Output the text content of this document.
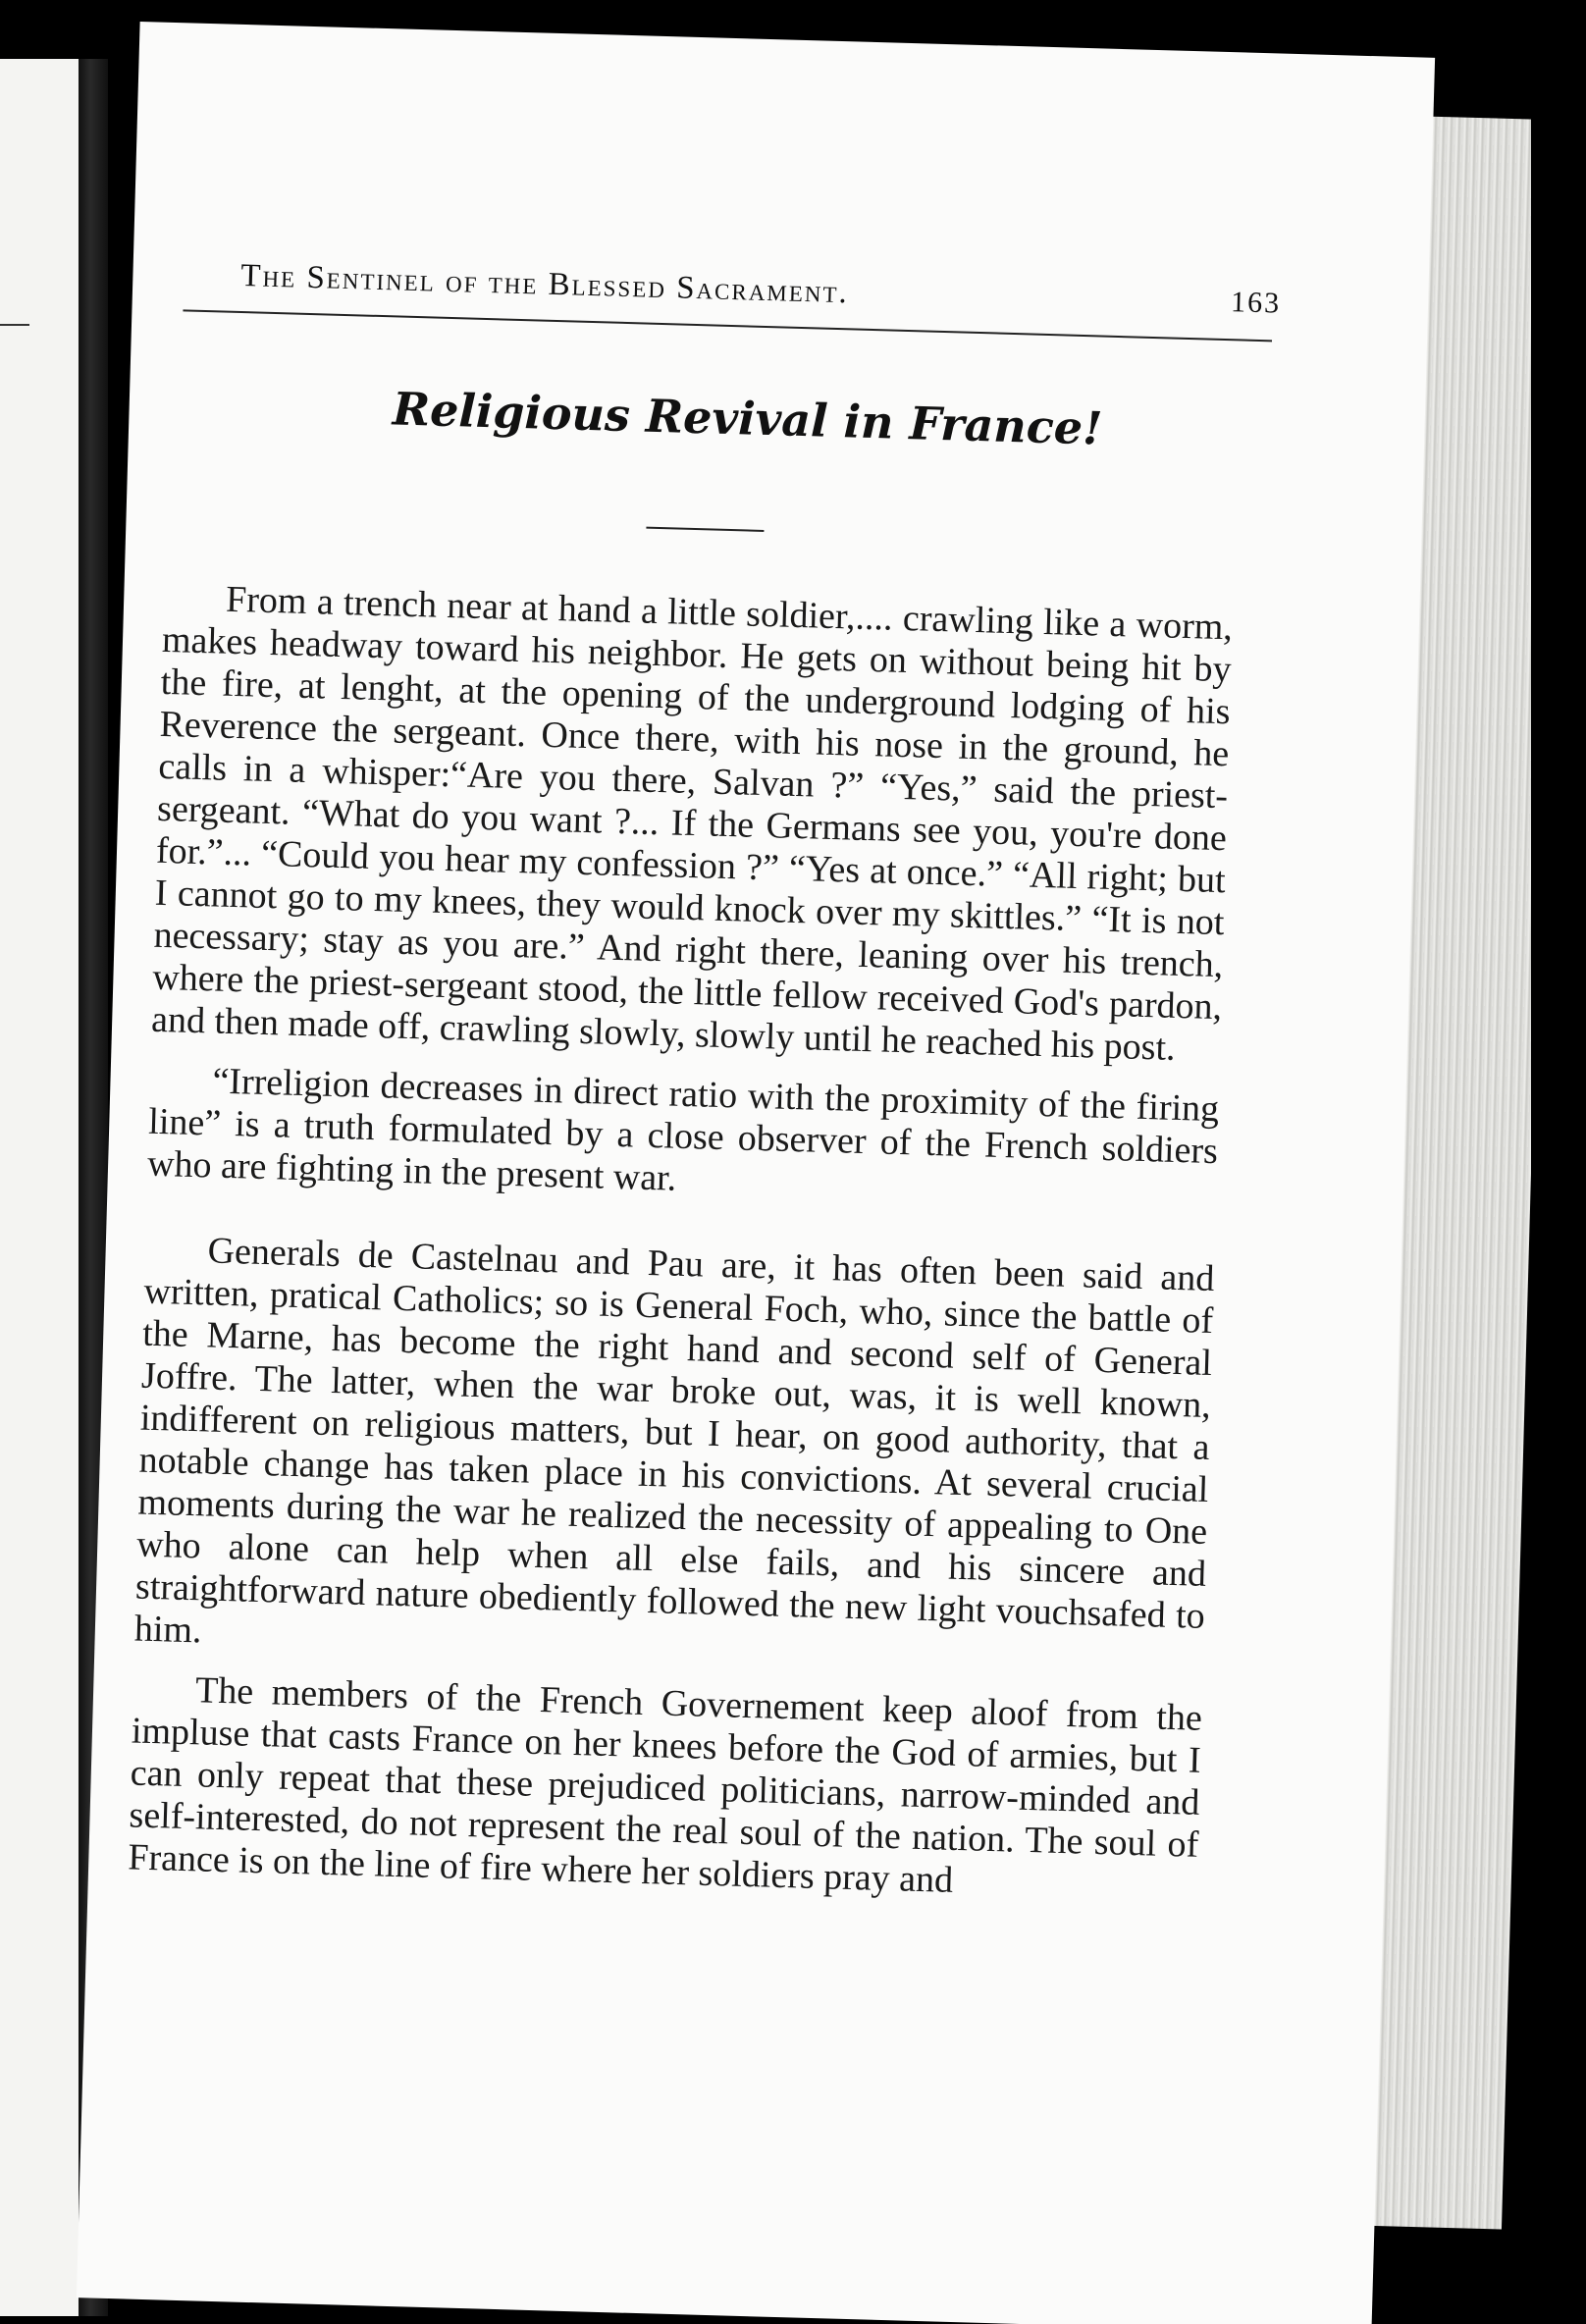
The Sentinel of the Blessed Sacrament.	163
Religious Revival in France!

From a trench near at hand a little soldier,.... crawling like a worm, makes headway toward his neighbor. He gets on without being hit by the fire, at lenght, at the opening of the underground lodging of his Reverence the sergeant. Once there, with his nose in the ground, he calls in a whisper:“Are you there, Salvan ?” “Yes,” said the priest-sergeant. “What do you want ?... If the Germans see you, you're done for.”... “Could you hear my confession ?” “Yes at once.” “All right; but I cannot go to my knees, they would knock over my skittles.” “It is not necessary; stay as you are.” And right there, leaning over his trench, where the priest-sergeant stood, the little fellow received God's pardon, and then made off, crawling slowly, slowly until he reached his post.

“Irreligion decreases in direct ratio with the proximity of the firing line” is a truth formulated by a close observer of the French soldiers who are fighting in the present war.

Generals de Castelnau and Pau are, it has often been said and written, pratical Catholics; so is General Foch, who, since the battle of the Marne, has become the right hand and second self of General Joffre. The latter, when the war broke out, was, it is well known, indifferent on religious matters, but I hear, on good authority, that a notable change has taken place in his convictions. At several crucial moments during the war he realized the necessity of appealing to One who alone can help when all else fails, and his sincere and straightforward nature obediently followed the new light vouchsafed to him.

The members of the French Governement keep aloof from the impluse that casts France on her knees before the God of armies, but I can only repeat that these prejudiced politicians, narrow-minded and self-interested, do not represent the real soul of the nation. The soul of France is on the line of fire where her soldiers pray and
